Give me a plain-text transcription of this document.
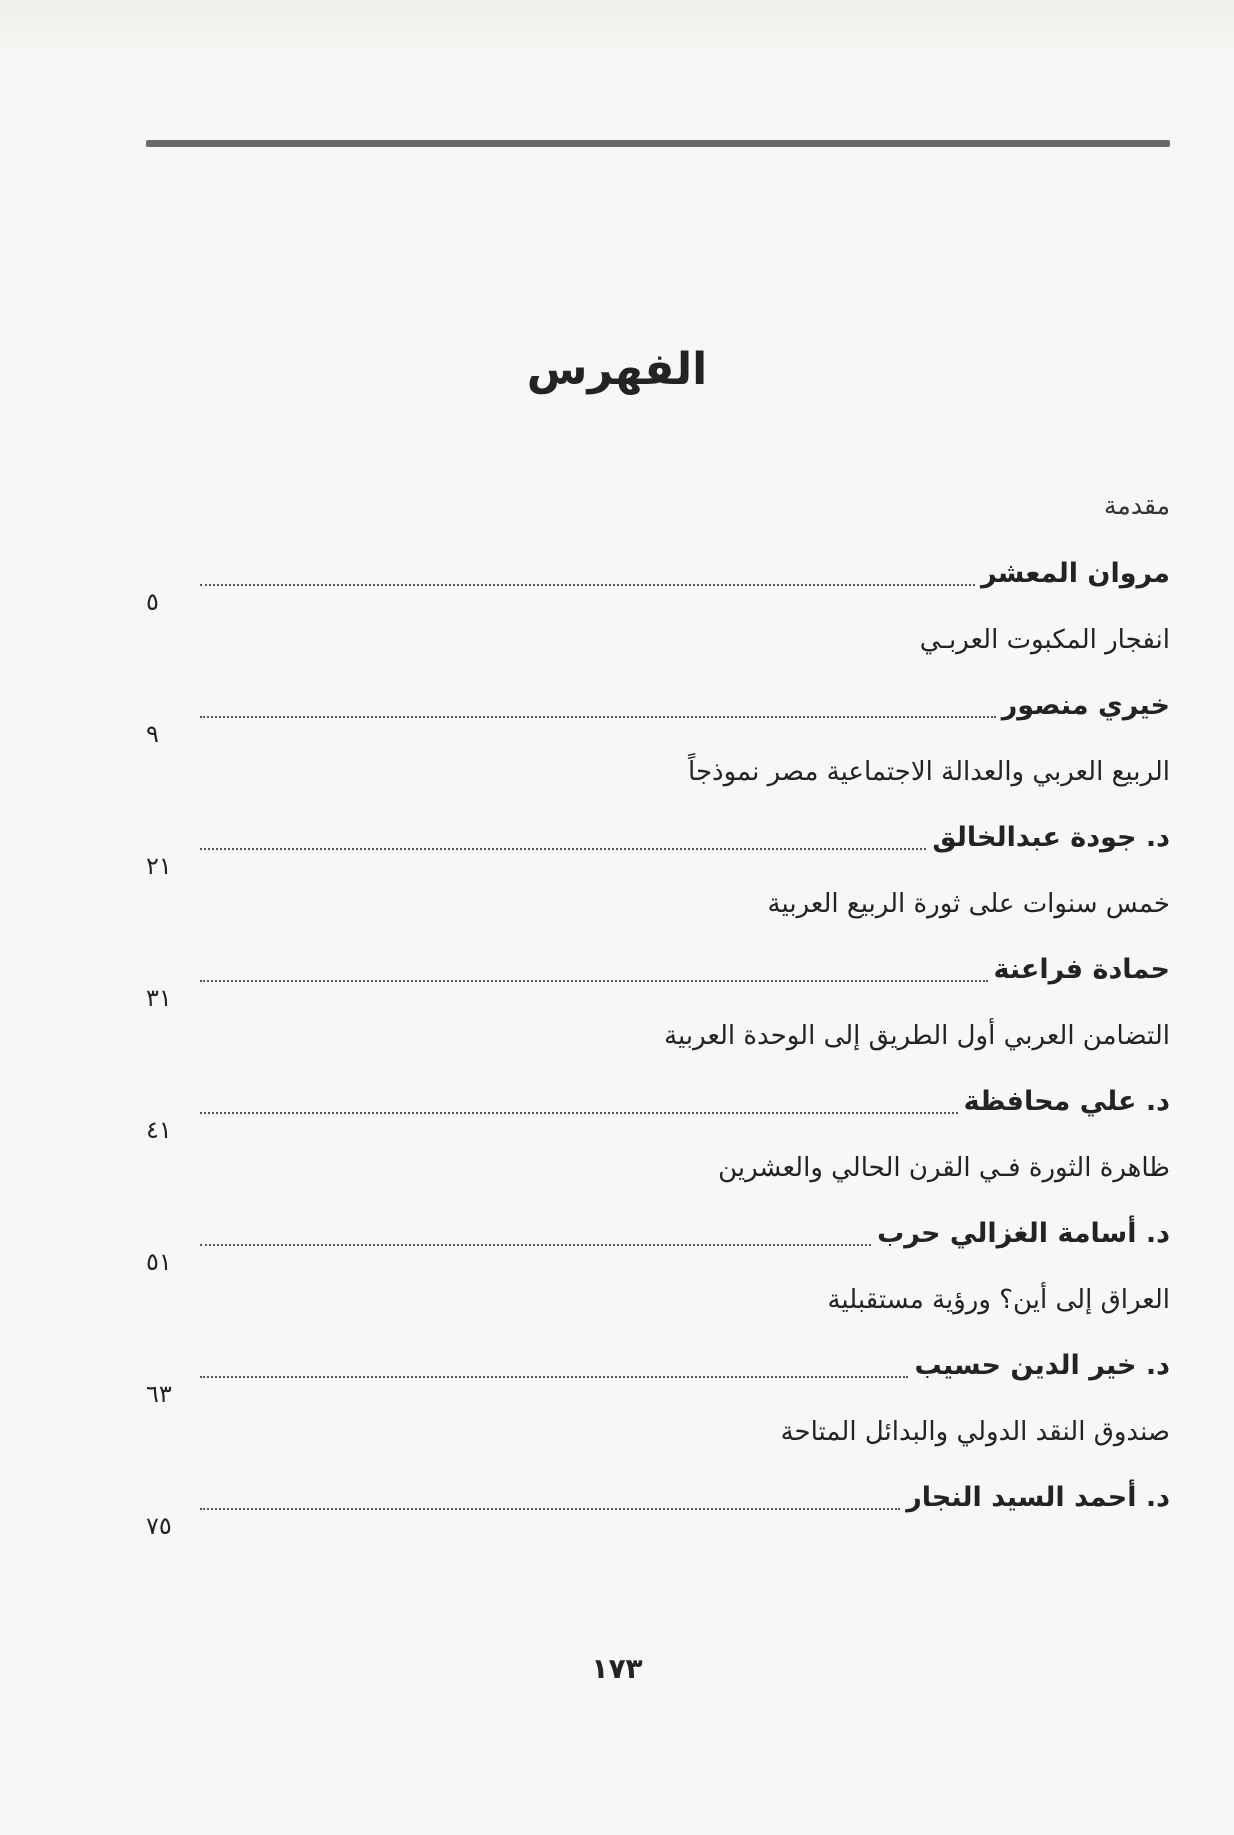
الفهرس
مقدمة
مروان المعشر
٥
انفجار المكبوت العربـي
خيري منصور
٩
الربيع العربي والعدالة الاجتماعية مصر نموذجاً
د. جودة عبدالخالق
٢١
خمس سنوات على ثورة الربيع العربية
حمادة فراعنة
٣١
التضامن العربي أول الطريق إلى الوحدة العربية
د. علي محافظة
٤١
ظاهرة الثورة فـي القرن الحالي والعشرين
د. أسامة الغزالي حرب
٥١
العراق إلى أين؟ ورؤية مستقبلية
د. خير الدين حسيب
٦٣
صندوق النقد الدولي والبدائل المتاحة
د. أحمد السيد النجار
٧٥
١٧٣
